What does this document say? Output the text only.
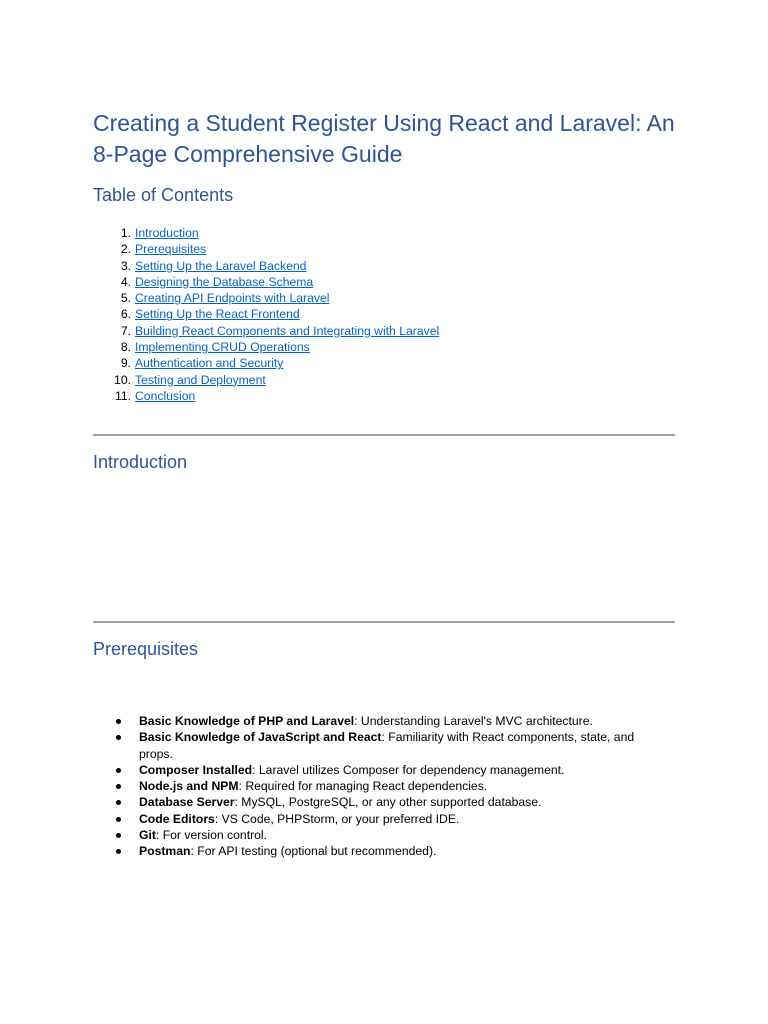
Creating a Student Register Using React and Laravel: An 8-Page Comprehensive Guide
Table of Contents
1. Introduction
2. Prerequisites
3. Setting Up the Laravel Backend
4. Designing the Database Schema
5. Creating API Endpoints with Laravel
6. Setting Up the React Frontend
7. Building React Components and Integrating with Laravel
8. Implementing CRUD Operations
9. Authentication and Security
10. Testing and Deployment
11. Conclusion
Introduction
Prerequisites
Basic Knowledge of PHP and Laravel: Understanding Laravel's MVC architecture.
Basic Knowledge of JavaScript and React: Familiarity with React components, state, and props.
Composer Installed: Laravel utilizes Composer for dependency management.
Node.js and NPM: Required for managing React dependencies.
Database Server: MySQL, PostgreSQL, or any other supported database.
Code Editors: VS Code, PHPStorm, or your preferred IDE.
Git: For version control.
Postman: For API testing (optional but recommended).
